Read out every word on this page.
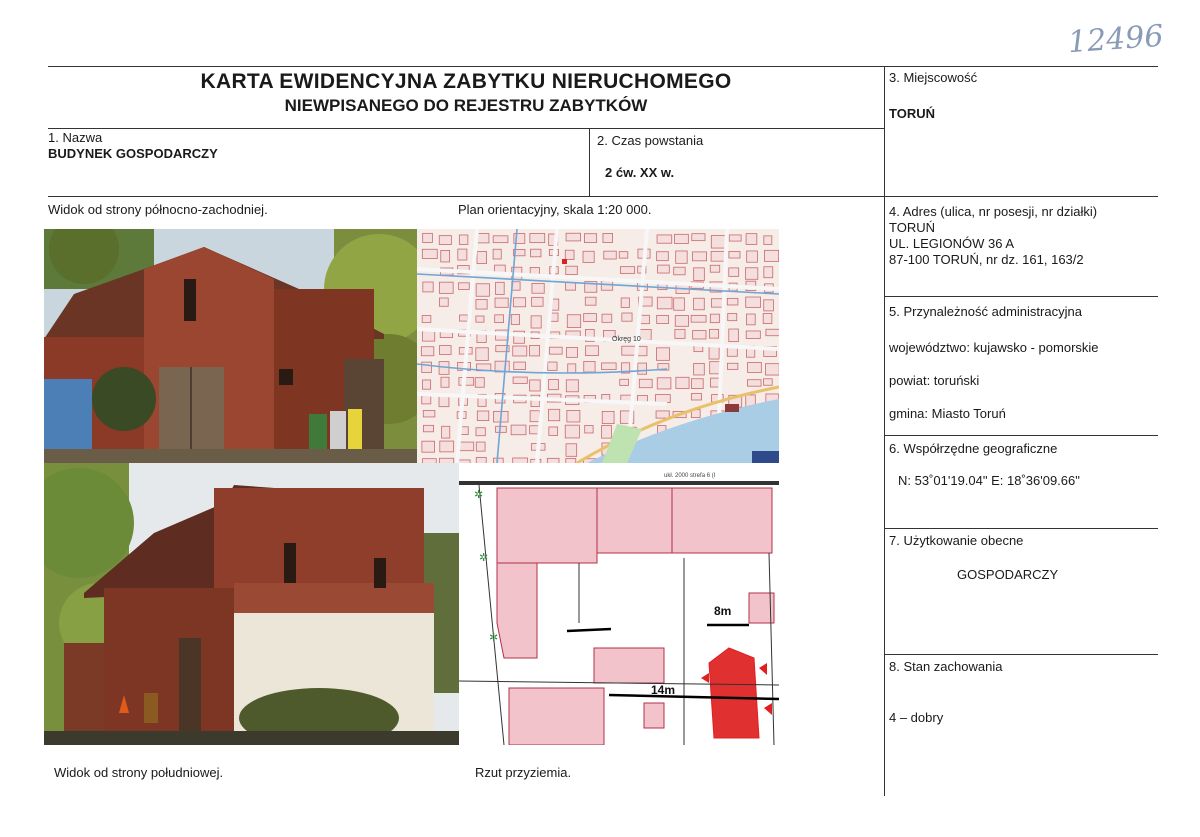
12496
KARTA EWIDENCYJNA ZABYTKU NIERUCHOMEGO
NIEWPISANEGO DO REJESTRU ZABYTKÓW
1. Nazwa
BUDYNEK GOSPODARCZY
2. Czas powstania
2 ćw. XX w.
3. Miejscowość
TORUŃ
4. Adres (ulica, nr posesji, nr działki)
TORUŃ
UL. LEGIONÓW 36 A
87-100 TORUŃ, nr dz. 161, 163/2
5. Przynależność administracyjna
województwo: kujawsko - pomorskie
powiat: toruński
gmina: Miasto Toruń
6. Współrzędne geograficzne
N: 53˚01'19.04" E: 18˚36'09.66"
7. Użytkowanie obecne
GOSPODARCZY
8. Stan zachowania
4 – dobry
Widok od strony północno-zachodniej.	Plan orientacyjny, skala 1:20 000.
Widok od strony południowej.	Rzut przyziemia.
Okręg 10
ukł. 2000 strefa 6 (I
8m
14m
✲
✲
✲
